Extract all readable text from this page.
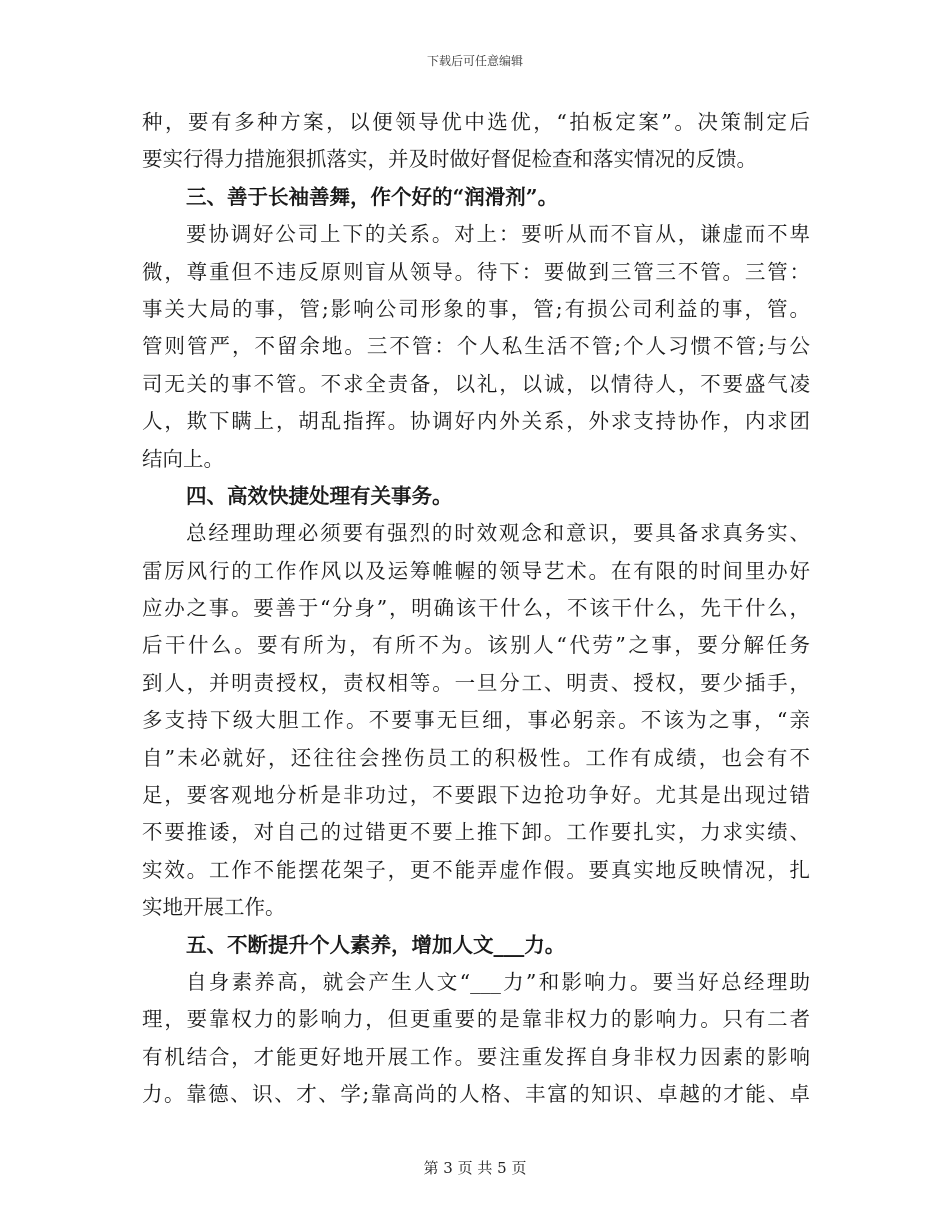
下载后可任意编辑
种，要有多种方案，以便领导优中选优，“拍板定案”。决策制定后
要实行得力措施狠抓落实，并及时做好督促检查和落实情况的反馈。
三、善于长袖善舞，作个好的“润滑剂”。
要协调好公司上下的关系。对上：要听从而不盲从，谦虚而不卑
微，尊重但不违反原则盲从领导。待下：要做到三管三不管。三管：
事关大局的事，管;影响公司形象的事，管;有损公司利益的事，管。
管则管严，不留余地。三不管：个人私生活不管;个人习惯不管;与公
司无关的事不管。不求全责备，以礼，以诚，以情待人，不要盛气凌
人，欺下瞒上，胡乱指挥。协调好内外关系，外求支持协作，内求团
结向上。
四、高效快捷处理有关事务。
总经理助理必须要有强烈的时效观念和意识，要具备求真务实、
雷厉风行的工作作风以及运筹帷幄的领导艺术。在有限的时间里办好
应办之事。要善于“分身”，明确该干什么，不该干什么，先干什么，
后干什么。要有所为，有所不为。该别人“代劳”之事，要分解任务
到人，并明责授权，责权相等。一旦分工、明责、授权，要少插手，
多支持下级大胆工作。不要事无巨细，事必躬亲。不该为之事，“亲
自”未必就好，还往往会挫伤员工的积极性。工作有成绩，也会有不
足，要客观地分析是非功过，不要跟下边抢功争好。尤其是出现过错
不要推诿，对自己的过错更不要上推下卸。工作要扎实，力求实绩、
实效。工作不能摆花架子，更不能弄虚作假。要真实地反映情况，扎
实地开展工作。
五、不断提升个人素养，增加人文___力。
自身素养高，就会产生人文“___力”和影响力。要当好总经理助
理，要靠权力的影响力，但更重要的是靠非权力的影响力。只有二者
有机结合，才能更好地开展工作。要注重发挥自身非权力因素的影响
力。靠德、识、才、学;靠高尚的人格、丰富的知识、卓越的才能、卓
第 3 页 共 5 页
